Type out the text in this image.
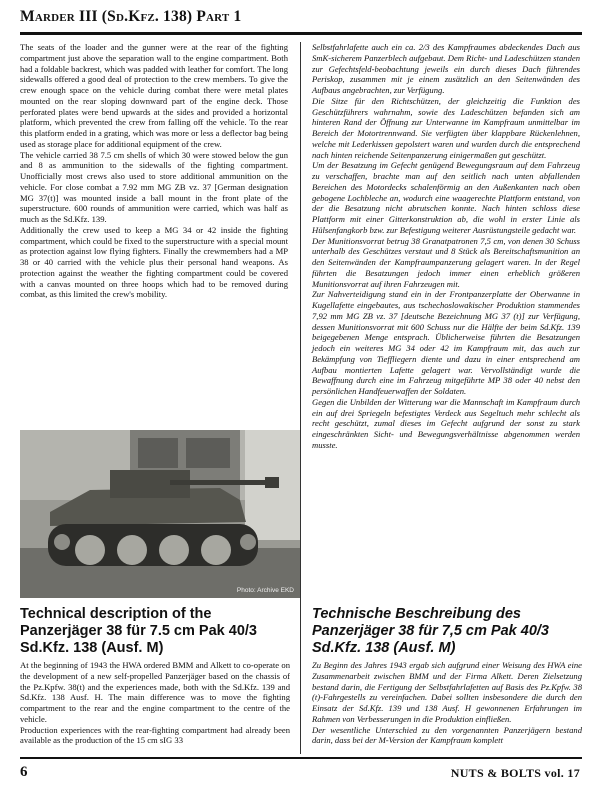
Marder III (Sd.Kfz. 138) Part 1

The seats of the loader and the gunner were at the rear of the fighting compartment just above the separation wall to the engine compartment. Both had a foldable backrest, which was padded with leather for comfort. The long sidewalls offered a good deal of protection to the crew members. To give the crew enough space on the vehicle during combat there were metal plates mounted on the rear sloping downward part of the engine deck. Those perforated plates were bend upwards at the sides and provided a horizontal platform, which prevented the crew from falling off the vehicle. To the rear this platform ended in a grating, which was more or less a deflector bag being used as storage place for additional equipment of the crew.

The vehicle carried 38 7.5 cm shells of which 30 were stowed below the gun and 8 as ammunition to the sidewalls of the fighting compartment. Unofficially most crews also used to store additional ammunition on the vehicle. For close combat a 7.92 mm MG ZB vz. 37 [German designation MG 37(t)] was mounted inside a ball mount in the front plate of the superstructure. 600 rounds of ammunition were carried, which was half as much as the Sd.Kfz. 139.

Additionally the crew used to keep a MG 34 or 42 inside the fighting compartment, which could be fixed to the superstructure with a special mount as protection against low flying fighters. Finally the crewmembers had a MP 38 or 40 carried with the vehicle plus their personal hand weapons. As protection against the weather the fighting compartment could be covered with a canvas mounted on three hoops which had to be removed during combat, as this limited the crew's mobility.

Selbstfahrlafette auch ein ca. 2/3 des Kampfraumes abdeckendes Dach aus SmK-sicherem Panzerblech aufgebaut. Dem Richt- und Ladeschützen standen zur Gefechtsfeld-beobachtung jeweils ein durch dieses Dach führendes Periskop, zusammen mit je einem zusätzlich an den Seitenwänden des Aufbaus angebrachten, zur Verfügung.

Die Sitze für den Richtschützen, der gleichzeitig die Funktion des Geschützführers wahrnahm, sowie des Ladeschützen befanden sich am hinteren Rand der Öffnung zur Unterwanne im Kampfraum unmittelbar im Bereich der Motortrennwand. Sie verfügten über klappbare Rückenlehnen, welche mit Lederkissen gepolstert waren und wurden durch die entsprechend nach hinten reichende Seitenpanzerung einigermaßen gut geschützt.

Um der Besatzung im Gefecht genügend Bewegungsraum auf dem Fahrzeug zu verschaffen, brachte man auf den seitlich nach unten abfallenden Bereichen des Motordecks schalenförmig an den Außenkanten nach oben gebogene Lochbleche an, wodurch eine waagerechte Plattform entstand, von der die Besatzung nicht abrutschen konnte. Nach hinten schloss diese Plattform mit einer Gitterkonstruktion ab, die wohl in erster Linie als Hülsenfangkorb bzw. zur Befestigung weiterer Ausrüstungsteile gedacht war.

Der Munitionsvorrat betrug 38 Granatpatronen 7,5 cm, von denen 30 Schuss unterhalb des Geschützes verstaut und 8 Stück als Bereitschaftsmunition an den Seitenwänden der Kampfraumpanzerung gelagert waren. In der Regel führten die Besatzungen jedoch immer einen erheblich größeren Munitionsvorrat auf ihren Fahrzeugen mit.

Zur Nahverteidigung stand ein in der Frontpanzerplatte der Oberwanne in Kugellafette eingebautes, aus tschechoslowakischer Produktion stammendes 7,92 mm MG ZB vz. 37 [deutsche Bezeichnung MG 37 (t)] zur Verfügung, dessen Munitionsvorrat mit 600 Schuss nur die Hälfte der beim Sd.Kfz. 139 beigegebenen Menge entsprach. Üblicherweise führten die Besatzungen jedoch ein weiteres MG 34 oder 42 im Kampfraum mit, das auch zur Bekämpfung von Tieffliegern diente und dazu in einer entsprechend am Aufbau montierten Lafette gelagert war. Vervollständigt wurde die Bewaffnung durch eine im Fahrzeug mitgeführte MP 38 oder 40 nebst den persönlichen Handfeuerwaffen der Soldaten.

Gegen die Unbilden der Witterung war die Mannschaft im Kampfraum durch ein auf drei Spriegeln befestigtes Verdeck aus Segeltuch mehr schlecht als recht geschützt, zumal dieses im Gefecht aufgrund der sonst zu stark eingeschränkten Sicht- und Bewegungsverhältnisse abgenommen werden musste.

Photo: Archive EKD
Technical description of the
Panzerjäger 38 für 7.5 cm Pak 40/3
Sd.Kfz. 138 (Ausf. M)
Technische Beschreibung des
Panzerjäger 38 für 7,5 cm Pak 40/3
Sd.Kfz. 138 (Ausf. M)

At the beginning of 1943 the HWA ordered BMM and Alkett to co-operate on the development of a new self-propelled Panzerjäger based on the chassis of the Pz.Kpfw. 38(t) and the experiences made, both with the Sd.Kfz. 139 and Sd.Kfz. 138 Ausf. H. The main difference was to move the fighting compartment to the rear and the engine compartment to the centre of the vehicle.

Production experiences with the rear-fighting compartment had already been available as the production of the 15 cm sIG 33

Zu Beginn des Jahres 1943 ergab sich aufgrund einer Weisung des HWA eine Zusammenarbeit zwischen BMM und der Firma Alkett. Deren Zielsetzung bestand darin, die Fertigung der Selbstfahrlafetten auf Basis des Pz.Kpfw. 38 (t)-Fahrgestells zu vereinfachen. Dabei sollten insbesondere die durch den Einsatz der Sd.Kfz. 139 und 138 Ausf. H gewonnenen Erfahrungen im Rahmen von Verbesserungen in die Produktion einfließen.

Der wesentliche Unterschied zu den vorgenannten Panzerjägern bestand darin, dass bei der M-Version der Kampfraum komplett

6	NUTS & BOLTS vol. 17
